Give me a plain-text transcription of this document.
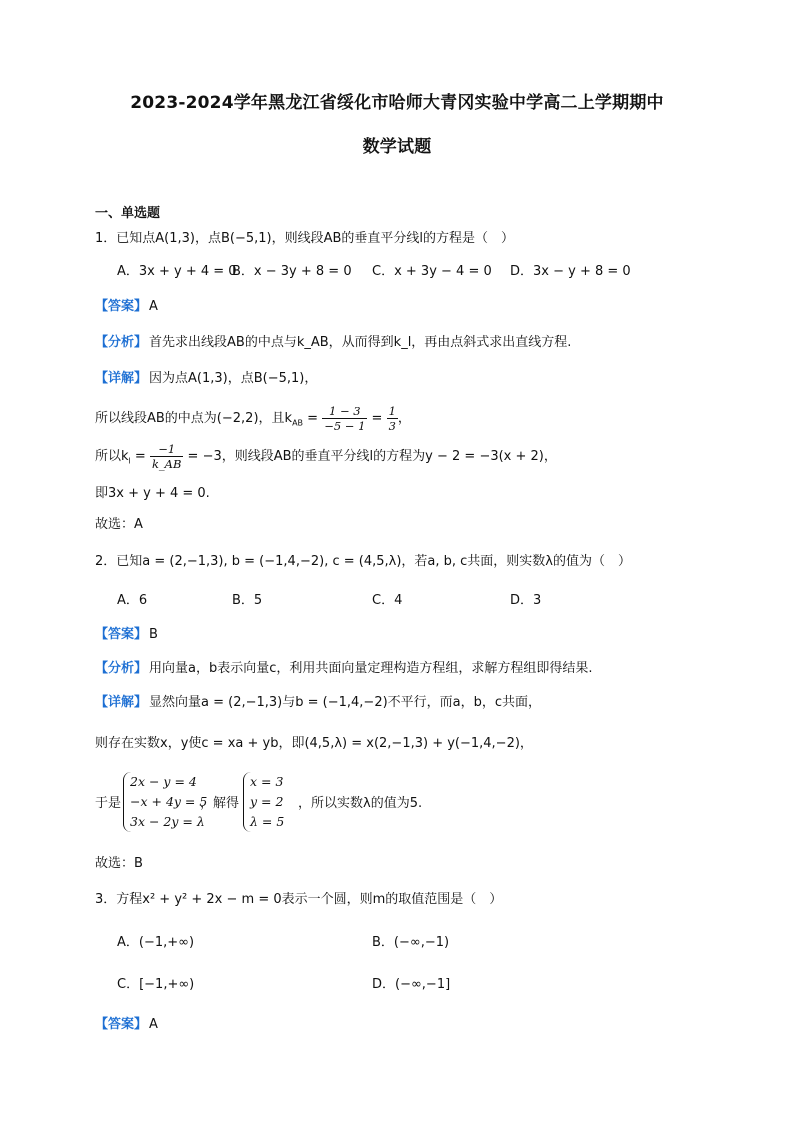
2023-2024学年黑龙江省绥化市哈师大青冈实验中学高二上学期期中
数学试题
一、单选题
1．已知点A(1,3)，点B(−5,1)，则线段AB的垂直平分线l的方程是（　）
A．3x + y + 4 = 0
B．x − 3y + 8 = 0 C．x + 3y − 4 = 0 D．3x − y + 8 = 0
【答案】 A
【分析】 首先求出线段AB的中点与k_AB，从而得到k_l，再由点斜式求出直线方程.
【详解】 因为点A(1,3)，点B(−5,1)，
所以线段AB的中点为(−2,2)，且$k_{AB} = \frac{1 - 3}{-5 - 1} = \frac{1}{3}$ ，
所以$k_l = \frac{-1}{k\_AB} = -3$，则线段AB的垂直平分线l的方程为y − 2 = −3(x + 2)，
即3x + y + 4 = 0.
故选：A
2．已知a = (2,−1,3), b = (−1,4,−2), c = (4,5,λ)，若a, b, c共面，则实数λ的值为（　）
A．6	B．5	C．4	D．3
【答案】 B
【分析】 用向量a，b表示向量c，利用共面向量定理构造方程组，求解方程组即得结果.
【详解】 显然向量a = (2,−1,3)与b = (−1,4,−2)不平行，而a，b，c共面，
则存在实数x，y使c = xa + yb，即(4,5,λ) = x(2,−1,3) + y(−1,4,−2)，
于是
2x − y = 4
−x + 4y = 5
3x − 2y = λ
，解得
x = 3
y = 2
λ = 5
，所以实数λ的值为5.
故选：B
3．方程x² + y² + 2x − m = 0表示一个圆，则m的取值范围是（　）
A．(−1,+∞)	B．(−∞,−1)
C．[−1,+∞)	D．(−∞,−1]
【答案】 A
